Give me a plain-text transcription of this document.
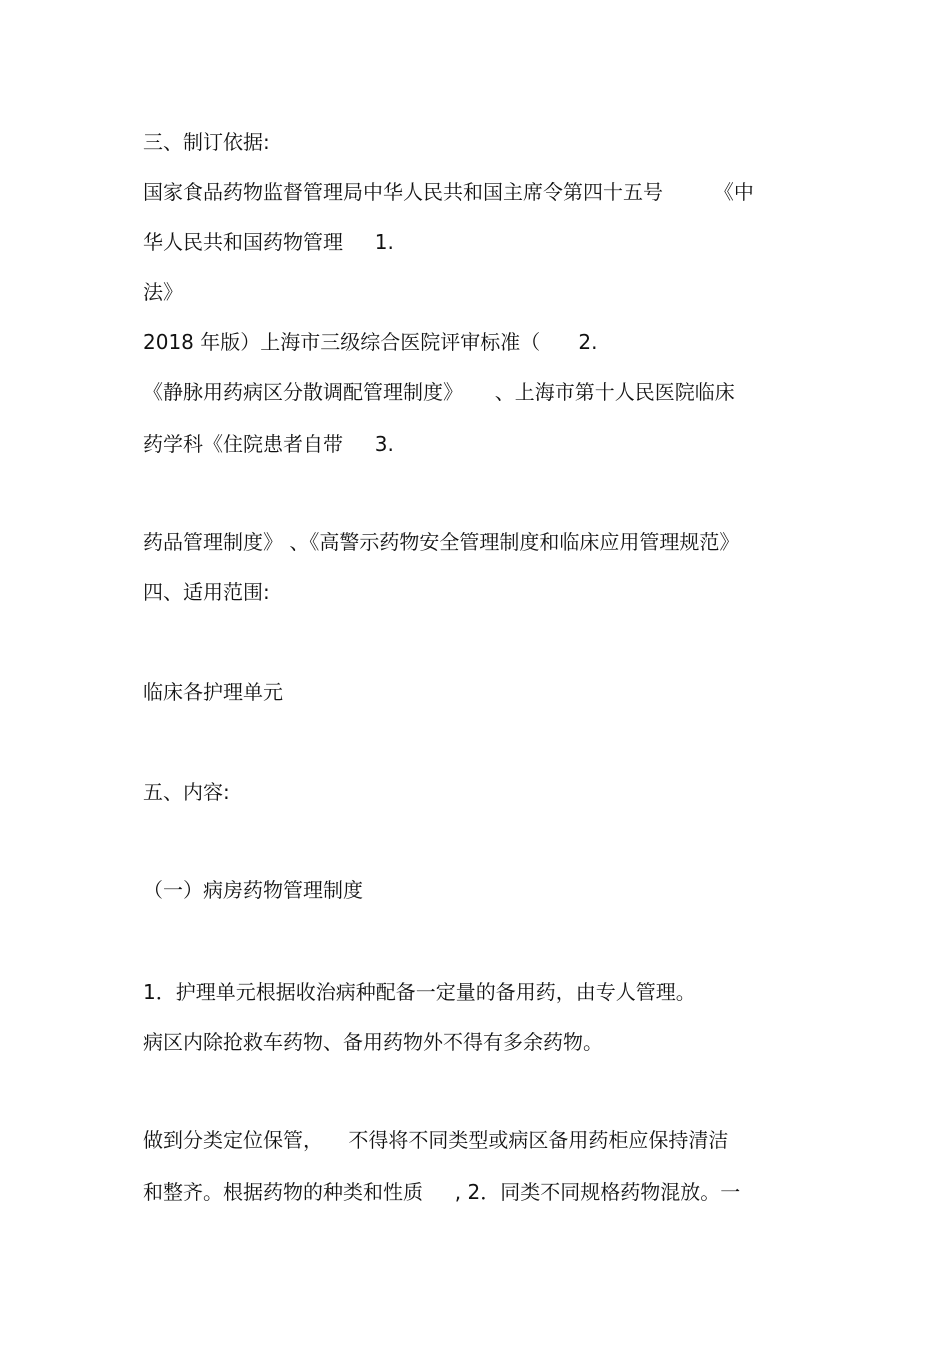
三、制订依据:

国家食品药物监督管理局中华人民共和国主席令第四十五号        《中

华人民共和国药物管理     1.

法》

2018 年版）上海市三级综合医院评审标准（      2.

《静脉用药病区分散调配管理制度》     、上海市第十人民医院临床

药学科《住院患者自带     3.

药品管理制度》 、《高警示药物安全管理制度和临床应用管理规范》

四、适用范围:

临床各护理单元

五、内容:

（一）病房药物管理制度

1．护理单元根据收治病种配备一定量的备用药，由专人管理。

病区内除抢救车药物、备用药物外不得有多余药物。

做到分类定位保管，    不得将不同类型或病区备用药柜应保持清洁

和整齐。根据药物的种类和性质     , 2．同类不同规格药物混放。一
